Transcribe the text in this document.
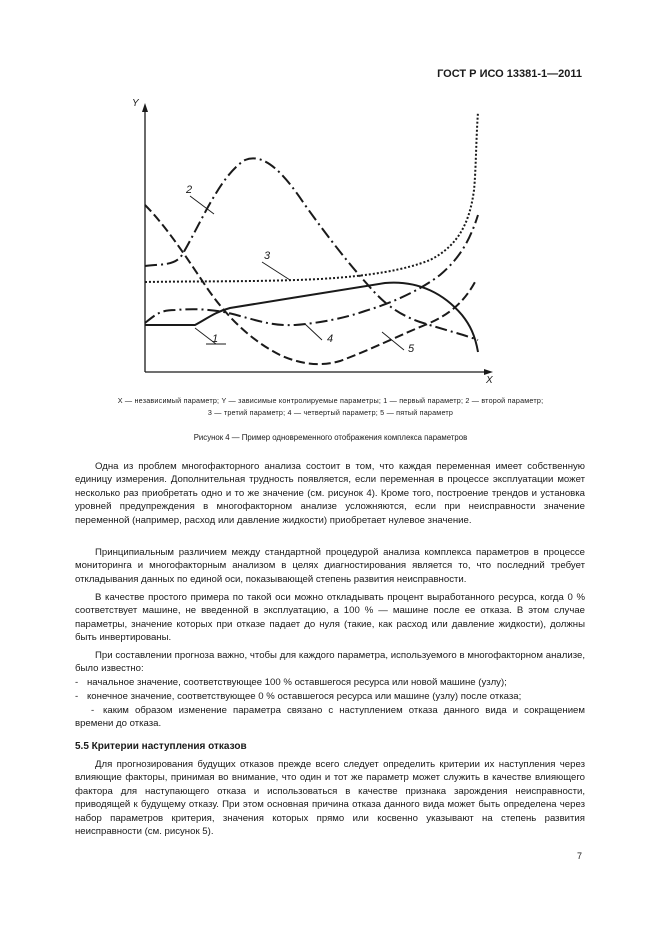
ГОСТ Р ИСО 13381-1—2011
Y
X
1
2
3
4
5
X — независимый параметр; Y — зависимые контролируемые параметры; 1 — первый параметр; 2 — второй параметр;
3 — третий параметр; 4 — четвертый параметр; 5 — пятый параметр
Рисунок 4 — Пример одновременного отображения комплекса параметров

Одна из проблем многофакторного анализа состоит в том, что каждая переменная имеет собственную единицу измерения. Дополнительная трудность появляется, если переменная в процессе эксплуатации может несколько раз приобретать одно и то же значение (см. рисунок 4). Кроме того, построение трендов и установка уровней предупреждения в многофакторном анализе усложняются, если при неисправности значение переменной (например, расход или давление жидкости) приобретает нулевое значение.

Принципиальным различием между стандартной процедурой анализа комплекса параметров в процессе мониторинга и многофакторным анализом в целях диагностирования является то, что последний требует откладывания данных по единой оси, показывающей степень развития неисправности.

В качестве простого примера по такой оси можно откладывать процент выработанного ресурса, когда 0 % соответствует машине, не введенной в эксплуатацию, а 100 % — машине после ее отказа. В этом случае параметры, значение которых при отказе падает до нуля (такие, как расход или давление жидкости), должны быть инвертированы.

При составлении прогноза важно, чтобы для каждого параметра, используемого в многофакторном анализе, было известно:

- начальное значение, соответствующее 100 % оставшегося ресурса или новой машине (узлу);
- конечное значение, соответствующее 0 % оставшегося ресурса или машине (узлу) после отказа;
- каким образом изменение параметра связано с наступлением отказа данного вида и сокращением времени до отказа.
5.5 Критерии наступления отказов

Для прогнозирования будущих отказов прежде всего следует определить критерии их наступления через влияющие факторы, принимая во внимание, что один и тот же параметр может служить в качестве влияющего фактора для наступающего отказа и использоваться в качестве признака зарождения неисправности, приводящей к будущему отказу. При этом основная причина отказа данного вида может быть определена через набор параметров критерия, значения которых прямо или косвенно указывают на степень развития неисправности (см. рисунок 5).

7
